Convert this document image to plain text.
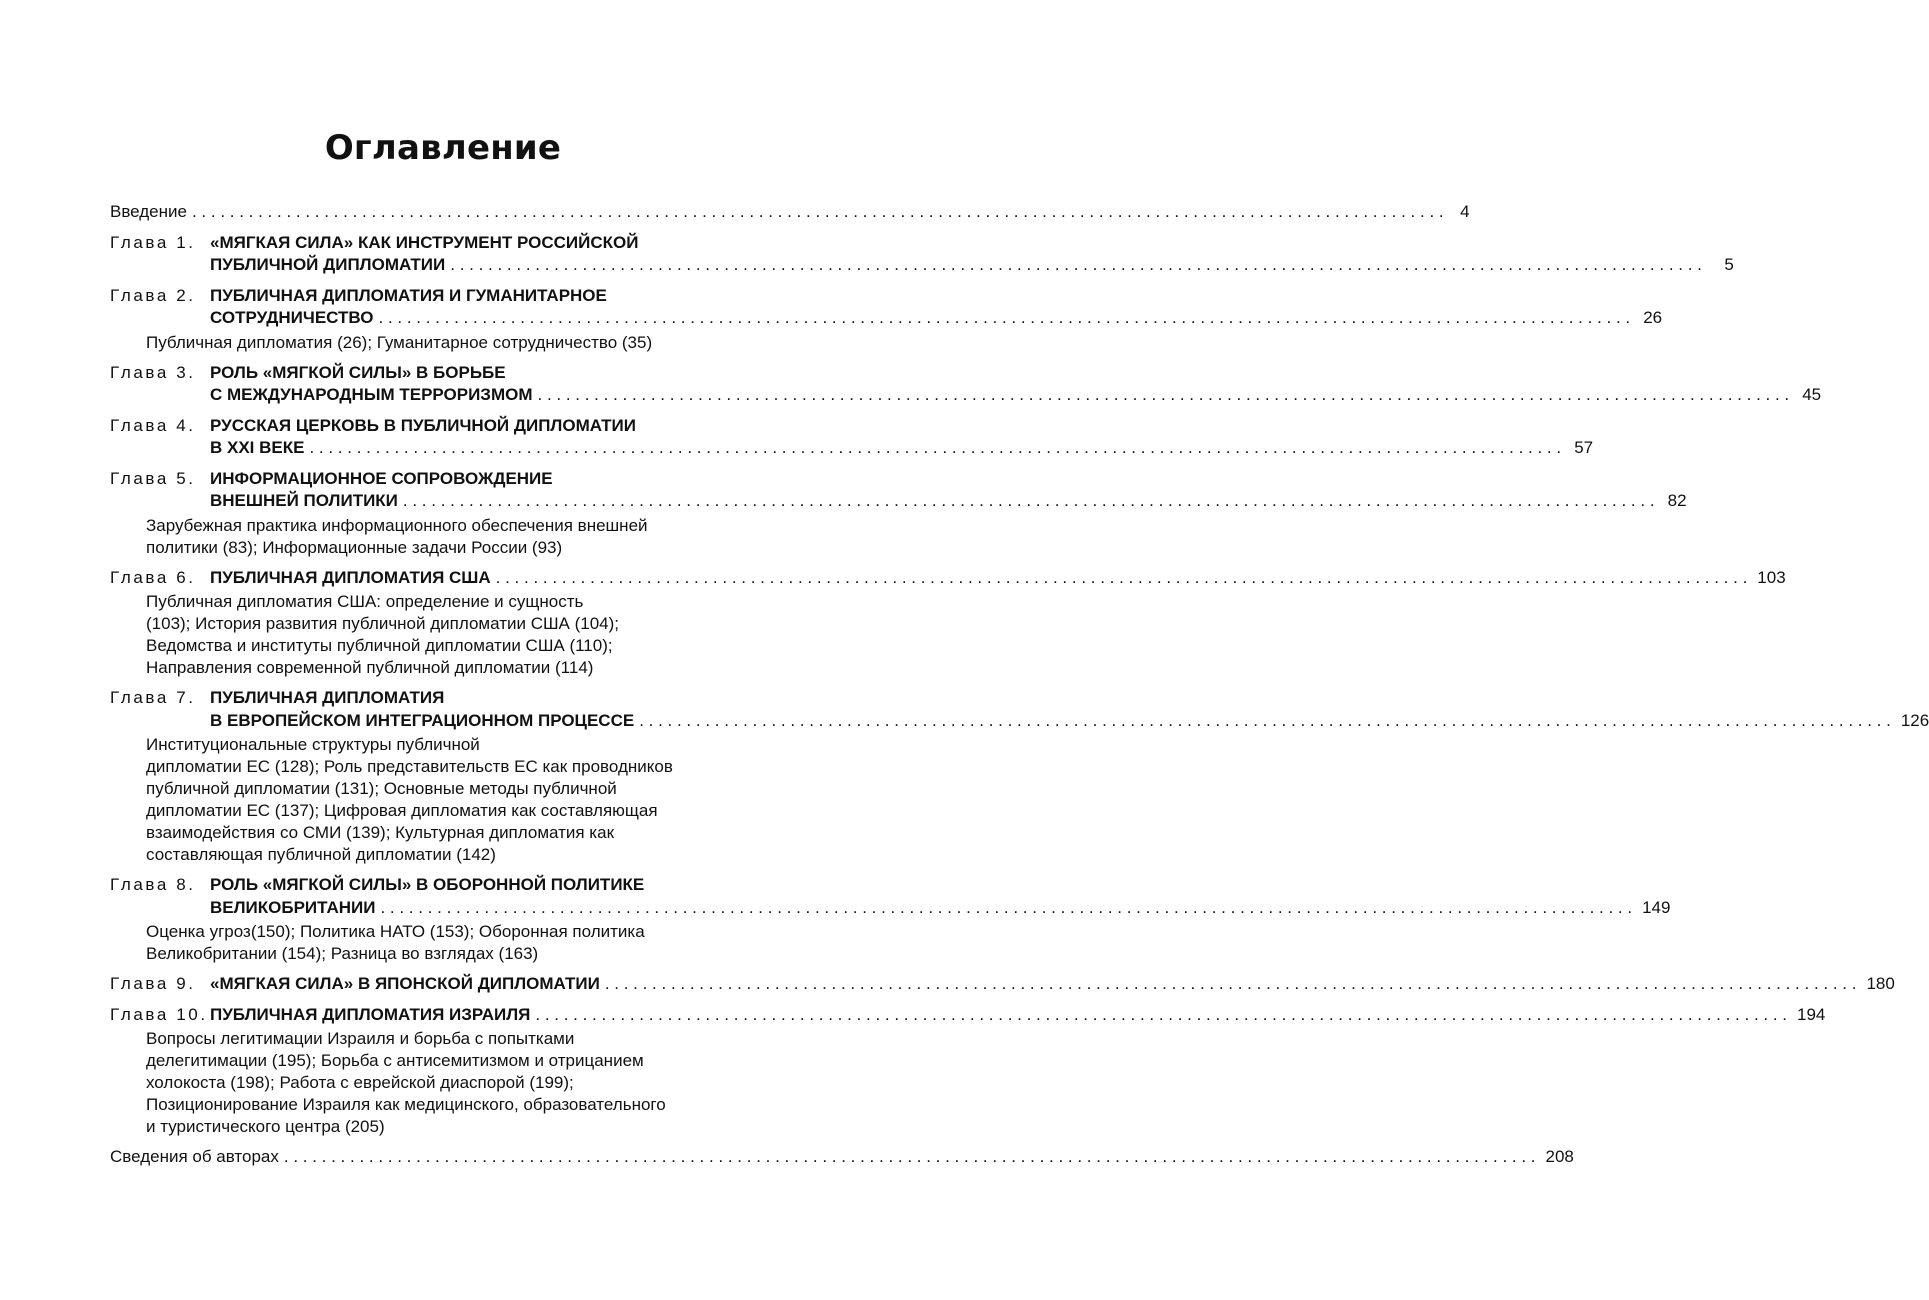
Оглавление
Введение . . .	4
Глава 1. «МЯГКАЯ СИЛА» КАК ИНСТРУМЕНТ РОССИЙСКОЙ
ПУБЛИЧНОЙ ДИПЛОМАТИИ . . .	5
Глава 2. ПУБЛИЧНАЯ ДИПЛОМАТИЯ И ГУМАНИТАРНОЕ
СОТРУДНИЧЕСТВО . . .	26
Публичная дипломатия (26); Гуманитарное сотрудничество (35)
Глава 3. РОЛЬ «МЯГКОЙ СИЛЫ» В БОРЬБЕ
С МЕЖДУНАРОДНЫМ ТЕРРОРИЗМОМ . . .	45
Глава 4. РУССКАЯ ЦЕРКОВЬ В ПУБЛИЧНОЙ ДИПЛОМАТИИ
В XXI ВЕКЕ . . .	57
Глава 5. ИНФОРМАЦИОННОЕ СОПРОВОЖДЕНИЕ
ВНЕШНЕЙ ПОЛИТИКИ . . .	82
Зарубежная практика информационного обеспечения внешней
политики (83); Информационные задачи России (93)
Глава 6. ПУБЛИЧНАЯ ДИПЛОМАТИЯ США . . .	103
Публичная дипломатия США: определение и сущность
(103); История развития публичной дипломатии США (104);
Ведомства и институты публичной дипломатии США (110);
Направления современной публичной дипломатии (114)
Глава 7. ПУБЛИЧНАЯ ДИПЛОМАТИЯ
В ЕВРОПЕЙСКОМ ИНТЕГРАЦИОННОМ ПРОЦЕССЕ . . .	126
Институциональные структуры публичной
дипломатии ЕС (128); Роль представительств ЕС как проводников
публичной дипломатии (131); Основные методы публичной
дипломатии ЕС (137); Цифровая дипломатия как составляющая
взаимодействия со СМИ (139); Культурная дипломатия как
составляющая публичной дипломатии (142)
Глава 8. РОЛЬ «МЯГКОЙ СИЛЫ» В ОБОРОННОЙ ПОЛИТИКЕ
ВЕЛИКОБРИТАНИИ . . .	149
Оценка угроз(150); Политика НАТО (153); Оборонная политика
Великобритании (154); Разница во взглядах (163)
Глава 9. «МЯГКАЯ СИЛА» В ЯПОНСКОЙ ДИПЛОМАТИИ . . .	180
Глава 10. ПУБЛИЧНАЯ ДИПЛОМАТИЯ ИЗРАИЛЯ . . .	194
Вопросы легитимации Израиля и борьба с попытками
делегитимации (195); Борьба с антисемитизмом и отрицанием
холокоста (198); Работа с еврейской диаспорой (199);
Позиционирование Израиля как медицинского, образовательного
и туристического центра (205)
Сведения об авторах . . .	208
